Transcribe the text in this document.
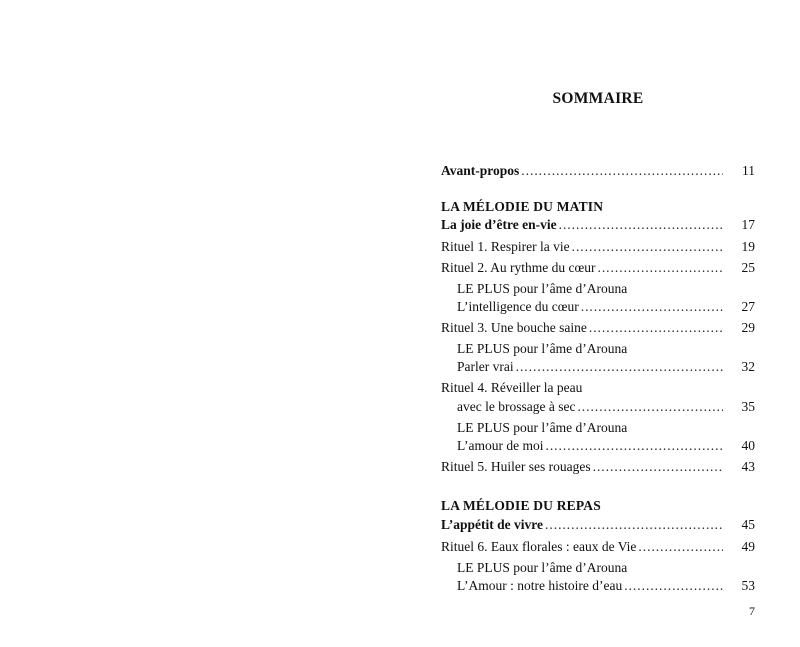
SOMMAIRE
Avant-propos . . .	11
LA MÉLODIE DU MATIN
La joie d’être en-vie . . .	17
Rituel 1. Respirer la vie . . .	19
Rituel 2. Au rythme du cœur . . .	25
LE PLUS pour l’âme d’Arouna
L’intelligence du cœur . . .	27
Rituel 3. Une bouche saine . . .	29
LE PLUS pour l’âme d’Arouna
Parler vrai . . .	32
Rituel 4. Réveiller la peau
avec le brossage à sec . . .	35
LE PLUS pour l’âme d’Arouna
L’amour de moi . . .	40
Rituel 5. Huiler ses rouages . . .	43
LA MÉLODIE DU REPAS
L’appétit de vivre . . .	45
Rituel 6. Eaux florales : eaux de Vie . . .	49
LE PLUS pour l’âme d’Arouna
L’Amour : notre histoire d’eau . . .	53
7
